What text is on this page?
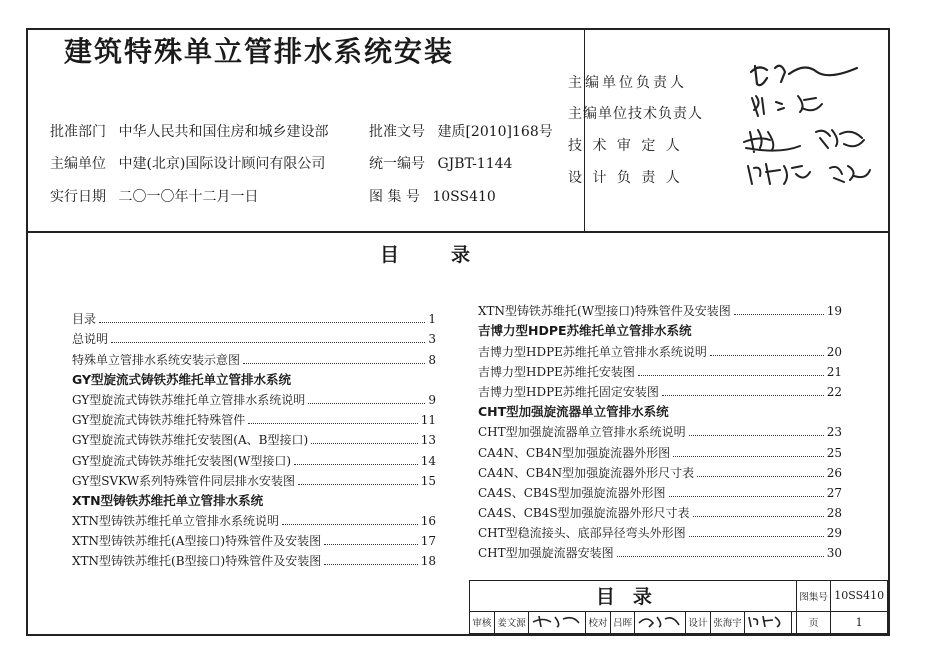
建筑特殊单立管排水系统安装
批准部门 中华人民共和国住房和城乡建设部	批准文号 建质[2010]168号
主编单位 中建(北京)国际设计顾问有限公司	统一编号 GJBT-1144
实行日期 二〇一〇年十二月一日	图 集 号 10SS410
主编单位负责人
主编单位技术负责人
技 术 审 定 人
设 计 负 责 人
目	录
目录	1
总说明	3
特殊单立管排水系统安装示意图	8
GY型旋流式铸铁苏维托单立管排水系统
GY型旋流式铸铁苏维托单立管排水系统说明	9
GY型旋流式铸铁苏维托特殊管件	11
GY型旋流式铸铁苏维托安装图(A、B型接口)	13
GY型旋流式铸铁苏维托安装图(W型接口)	14
GY型SVKW系列特殊管件同层排水安装图	15
XTN型铸铁苏维托单立管排水系统
XTN型铸铁苏维托单立管排水系统说明	16
XTN型铸铁苏维托(A型接口)特殊管件及安装图	17
XTN型铸铁苏维托(B型接口)特殊管件及安装图	18
XTN型铸铁苏维托(W型接口)特殊管件及安装图	19
吉博力型HDPE苏维托单立管排水系统
吉博力型HDPE苏维托单立管排水系统说明	20
吉博力型HDPE苏维托安装图	21
吉博力型HDPE苏维托固定安装图	22
CHT型加强旋流器单立管排水系统
CHT型加强旋流器单立管排水系统说明	23
CA4N、CB4N型加强旋流器外形图	25
CA4N、CB4N型加强旋流器外形尺寸表	26
CA4S、CB4S型加强旋流器外形图	27
CA4S、CB4S型加强旋流器外形尺寸表	28
CHT型稳流接头、底部异径弯头外形图	29
CHT型加强旋流器安装图	30
目录										图集号	10SS410
审核	姜文源		校对	吕晖		设计	张海宇			页	1
